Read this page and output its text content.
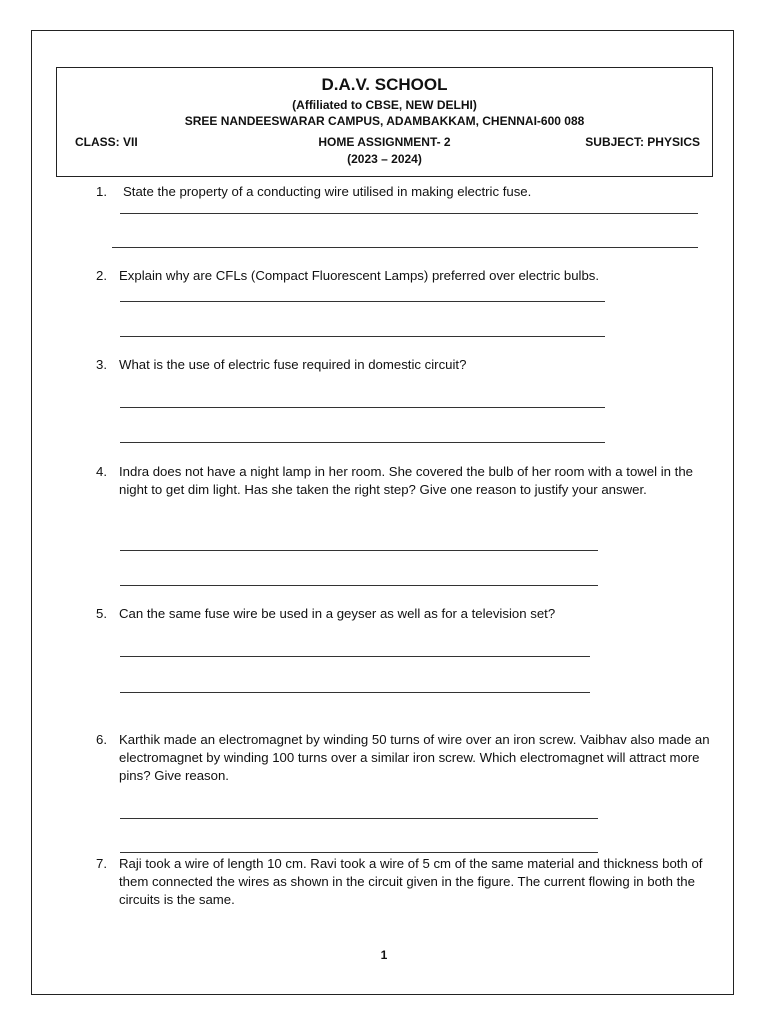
D.A.V. SCHOOL
(Affiliated to CBSE, NEW DELHI)
SREE NANDEESWARAR CAMPUS, ADAMBAKKAM, CHENNAI-600 088
CLASS: VII	HOME ASSIGNMENT- 2	SUBJECT: PHYSICS
(2023 – 2024)
1. State the property of a conducting wire utilised in making electric fuse.
2. Explain why are CFLs (Compact Fluorescent Lamps) preferred over electric bulbs.
3. What is the use of electric fuse required in domestic circuit?
4. Indra does not have a night lamp in her room. She covered the bulb of her room with a towel in the night to get dim light. Has she taken the right step? Give one reason to justify your answer.
5. Can the same fuse wire be used in a geyser as well as for a television set?
6. Karthik made an electromagnet by winding 50 turns of wire over an iron screw. Vaibhav also made an electromagnet by winding 100 turns over a similar iron screw. Which electromagnet will attract more pins? Give reason.
7. Raji took a wire of length 10 cm. Ravi took a wire of 5 cm of the same material and thickness both of them connected the wires as shown in the circuit given in the figure. The current flowing in both the circuits is the same.
1
